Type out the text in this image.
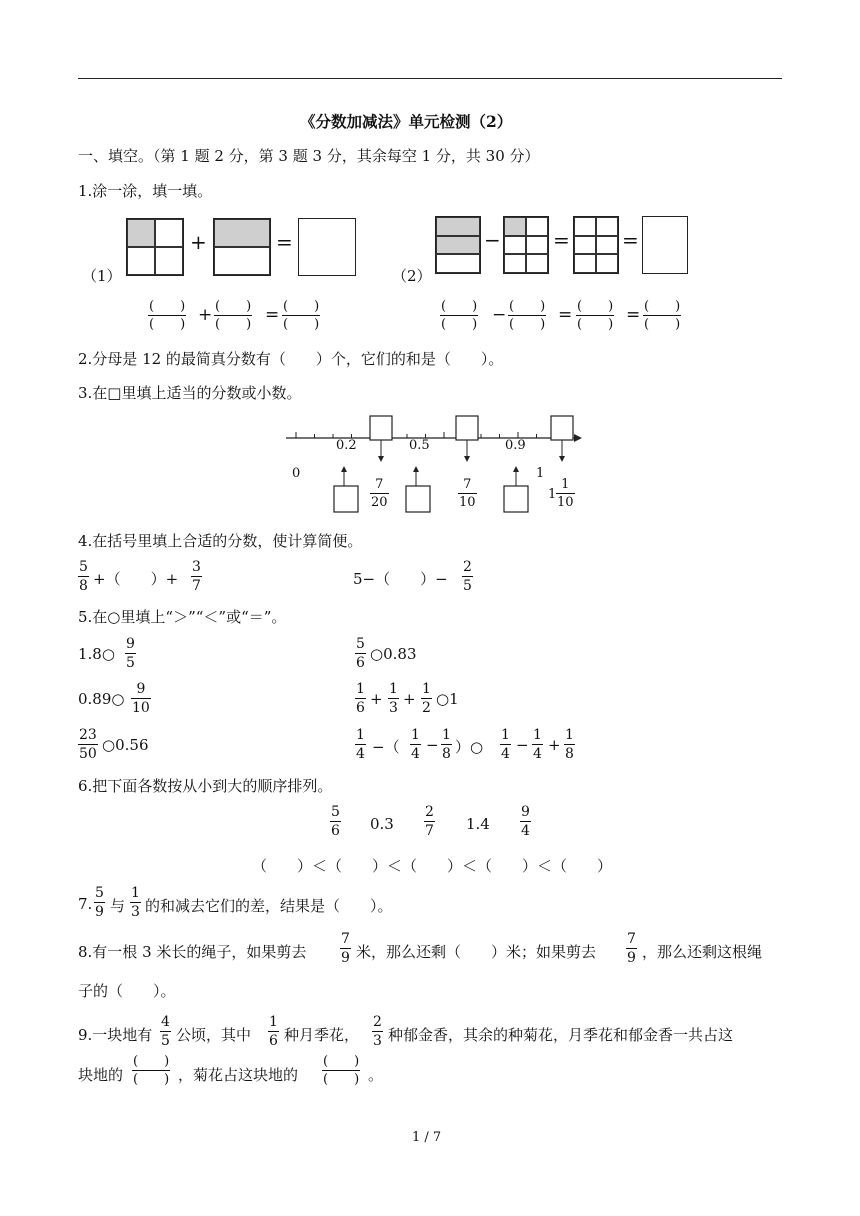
《分数加减法》单元检测（2）
一、填空。（第 1 题 2 分，第 3 题 3 分，其余每空 1 分，共 30 分）
1.涂一涂，填一填。
（1）
+	=
（2）
−	=	=
(　　)
(　　) + (　　)
(　　) = (　　)
(　　)
(　　)
(　　) − (　　)
(　　) = (　　)
(　　) = (　　)
(　　)
2.分母是 12 的最简真分数有（　　）个，它们的和是（　　）。
3.在□里填上适当的分数或小数。
0
0.2	0.5	0.9
1
7
20
7
10
1
1
10
4.在括号里填上合适的分数，使计算简便。
5
8 +（　　）+
3
7	5−（　　）−
2
5
5.在○里填上“＞”“＜”或“＝”。
1.8○
9
5
5
6 ○0.83
0.89○
9
10
1
6 +
1
3 +
1
2 ○1
23
50 ○0.56
1
4 −（
1
4 −
1
8 ）○
1
4 −
1
4 +
1
8
6.把下面各数按从小到大的顺序排列。
5
6 0.3
2
7 1.4
9
4
（　　）＜（　　）＜（　　）＜（　　）＜（　　）
7.
5
9 与
1
3 的和减去它们的差，结果是（　　）。
8.有一根 3 米长的绳子，如果剪去
7
9 米，那么还剩（　　）米；如果剪去
7
9 ，那么还剩这根绳
子的（　　）。
9.一块地有
4
5 公顷，其中
1
6 种月季花，
2
3 种郁金香，其余的种菊花，月季花和郁金香一共占这
块地的
(　　)
(　　) ，菊花占这块地的
(　　)
(　　) 。
1 / 7
